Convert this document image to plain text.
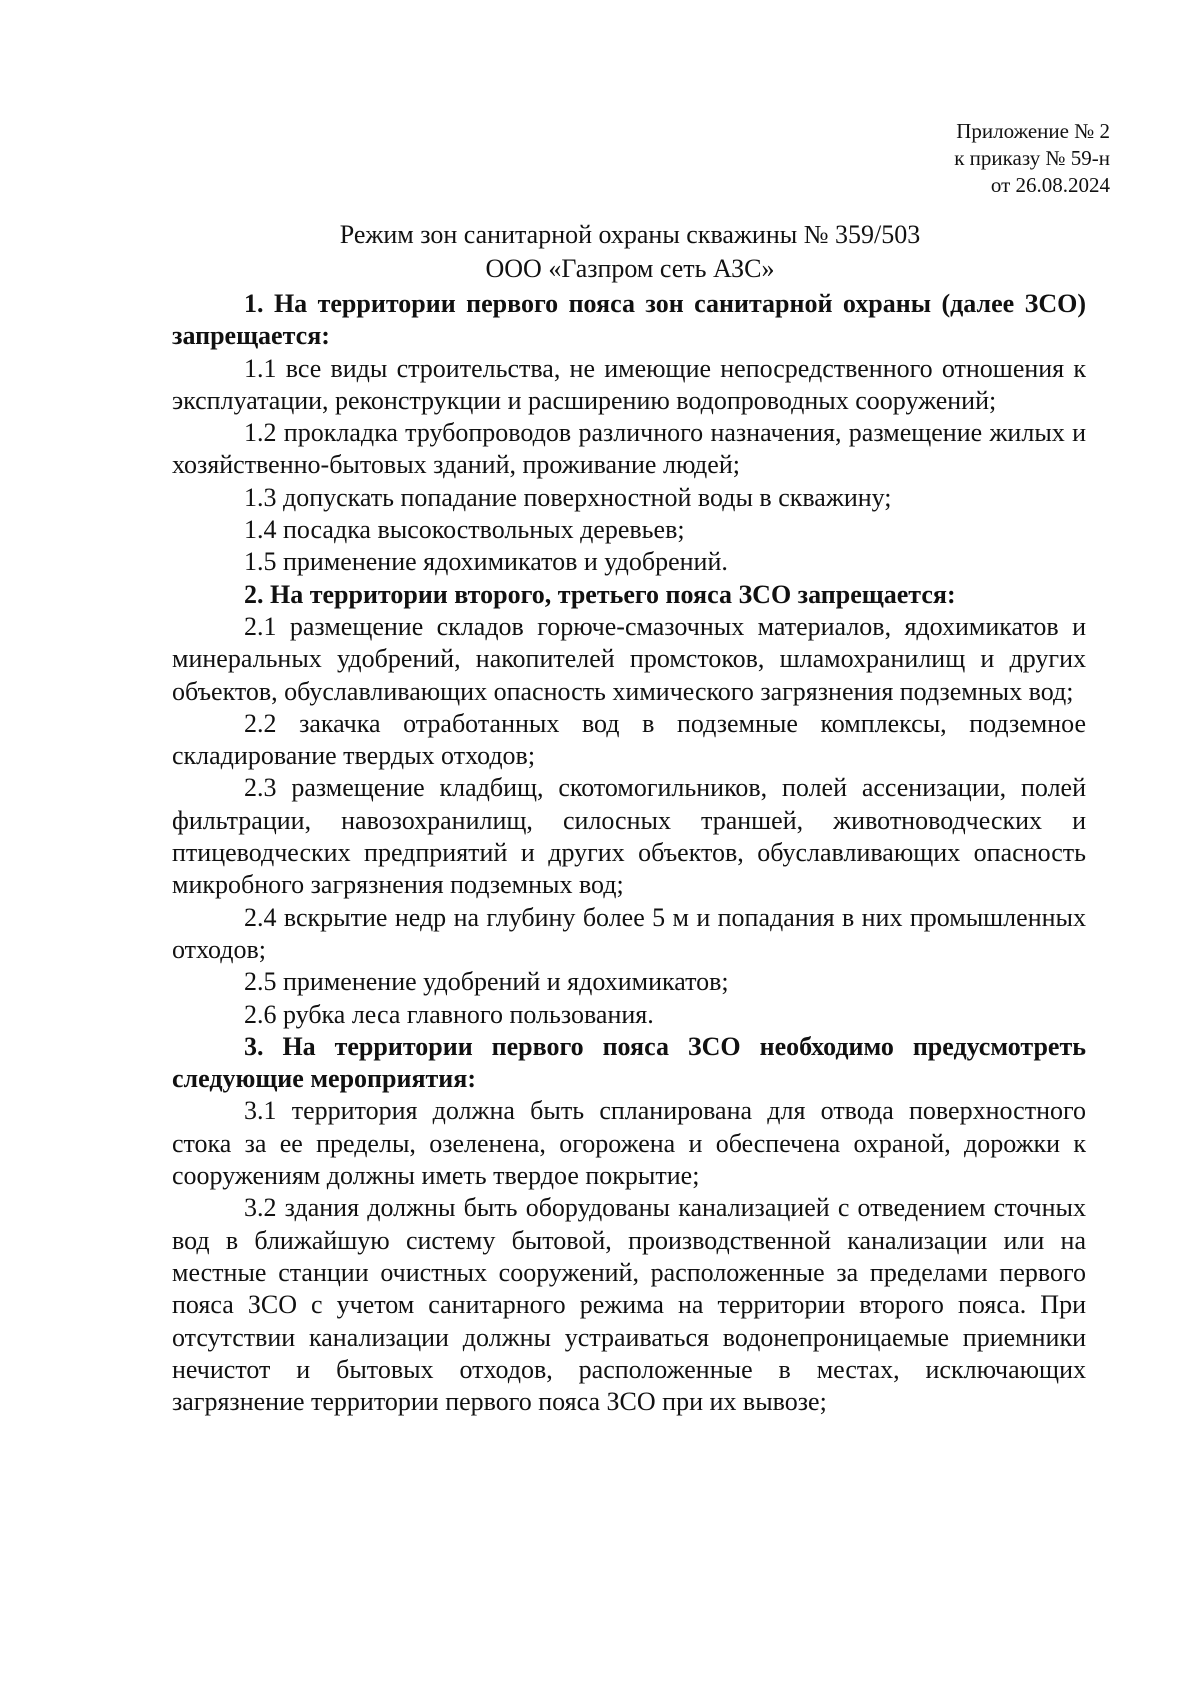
Приложение № 2
к приказу № 59-н
от 26.08.2024
Режим зон санитарной охраны скважины № 359/503
ООО «Газпром сеть АЗС»

1. На территории первого пояса зон санитарной охраны (далее ЗСО) запрещается:

1.1 все виды строительства, не имеющие непосредственного отношения к эксплуатации, реконструкции и расширению водопроводных сооружений;

1.2 прокладка трубопроводов различного назначения, размещение жилых и хозяйственно-бытовых зданий, проживание людей;

1.3 допускать попадание поверхностной воды в скважину;

1.4 посадка высокоствольных деревьев;

1.5 применение ядохимикатов и удобрений.

2. На территории второго, третьего пояса ЗСО запрещается:

2.1 размещение складов горюче-смазочных материалов, ядохимикатов и минеральных удобрений, накопителей промстоков, шламохранилищ и других объектов, обуславливающих опасность химического загрязнения подземных вод;

2.2 закачка отработанных вод в подземные комплексы, подземное складирование твердых отходов;

2.3 размещение кладбищ, скотомогильников, полей ассенизации, полей фильтрации, навозохранилищ, силосных траншей, животноводческих и птицеводческих предприятий и других объектов, обуславливающих опасность микробного загрязнения подземных вод;

2.4 вскрытие недр на глубину более 5 м и попадания в них промышленных отходов;

2.5 применение удобрений и ядохимикатов;

2.6 рубка леса главного пользования.

3. На территории первого пояса ЗСО необходимо предусмотреть следующие мероприятия:

3.1 территория должна быть спланирована для отвода поверхностного стока за ее пределы, озеленена, огорожена и обеспечена охраной, дорожки к сооружениям должны иметь твердое покрытие;

3.2 здания должны быть оборудованы канализацией с отведением сточных вод в ближайшую систему бытовой, производственной канализации или на местные станции очистных сооружений, расположенные за пределами первого пояса ЗСО с учетом санитарного режима на территории второго пояса. При отсутствии канализации должны устраиваться водонепроницаемые приемники нечистот и бытовых отходов, расположенные в местах, исключающих загрязнение территории первого пояса ЗСО при их вывозе;
